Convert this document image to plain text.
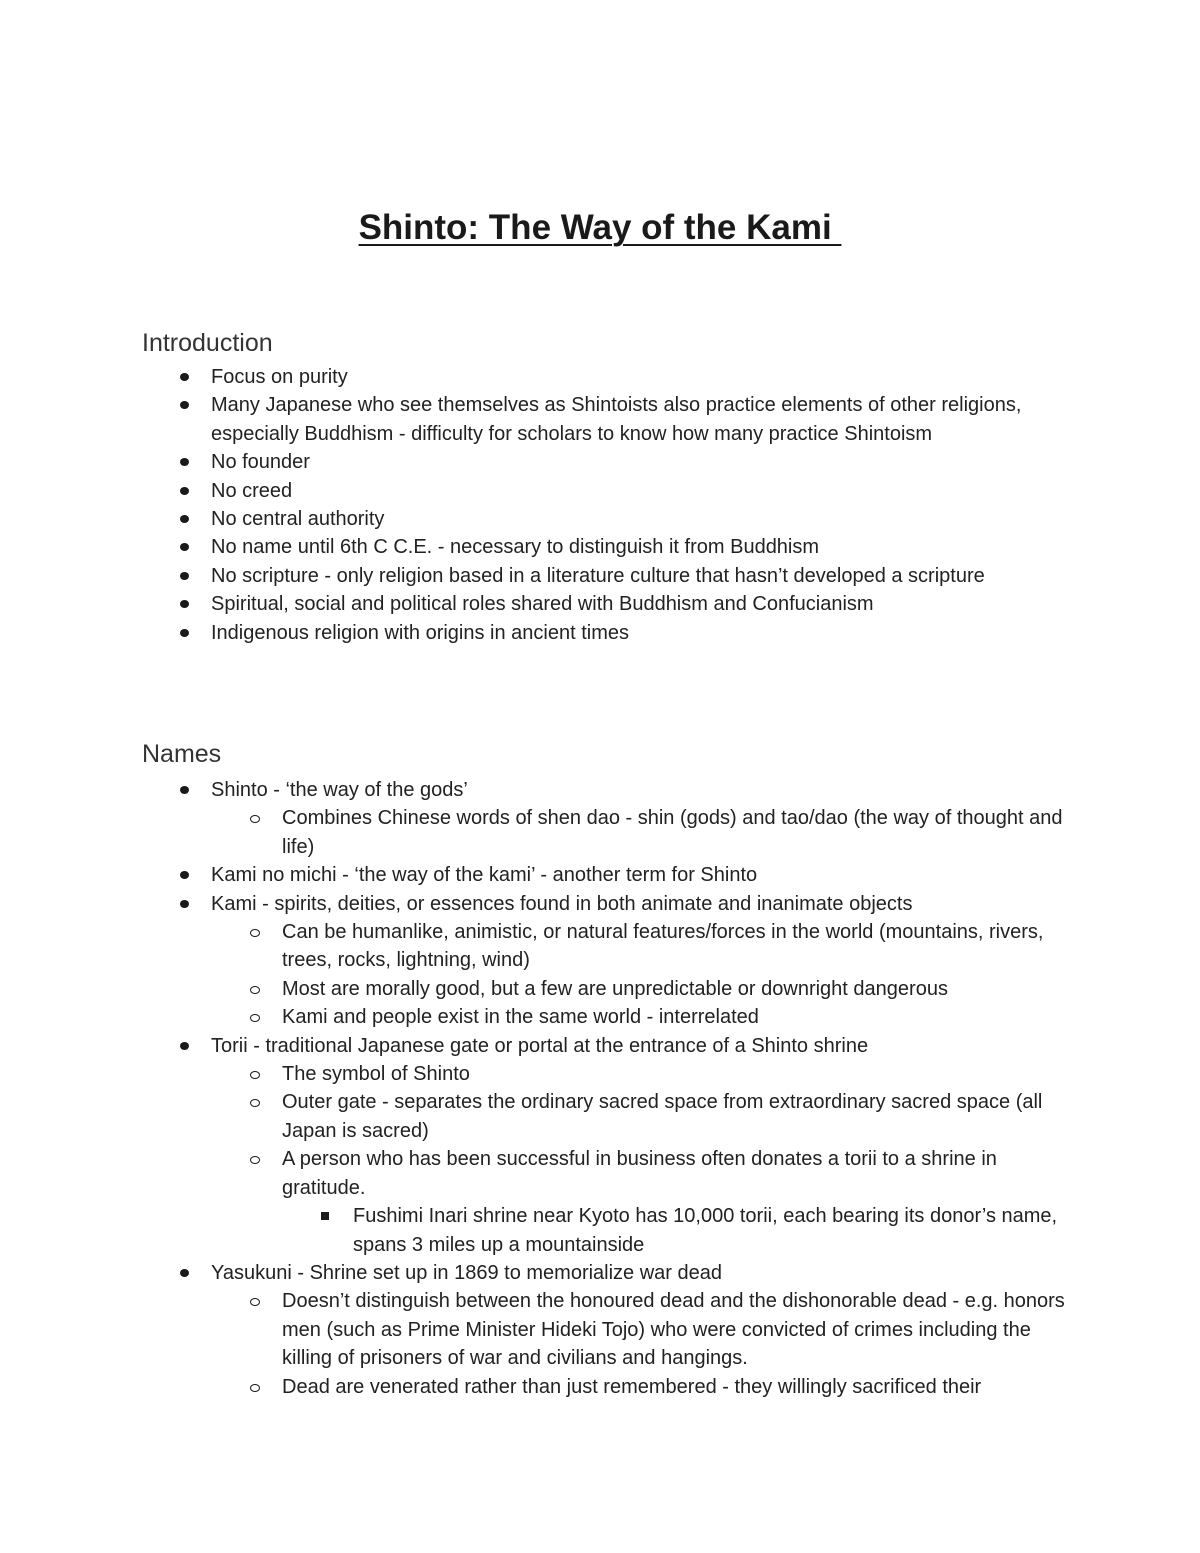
Shinto: The Way of the Kami
Introduction
Focus on purity
Many Japanese who see themselves as Shintoists also practice elements of other religions, especially Buddhism - difficulty for scholars to know how many practice Shintoism
No founder
No creed
No central authority
No name until 6th C C.E. - necessary to distinguish it from Buddhism
No scripture - only religion based in a literature culture that hasn’t developed a scripture
Spiritual, social and political roles shared with Buddhism and Confucianism
Indigenous religion with origins in ancient times
Names
Shinto - ‘the way of the gods’
Combines Chinese words of shen dao - shin (gods) and tao/dao (the way of thought and life)
Kami no michi - ‘the way of the kami’ - another term for Shinto
Kami - spirits, deities, or essences found in both animate and inanimate objects
Can be humanlike, animistic, or natural features/forces in the world (mountains, rivers, trees, rocks, lightning, wind)
Most are morally good, but a few are unpredictable or downright dangerous
Kami and people exist in the same world - interrelated
Torii - traditional Japanese gate or portal at the entrance of a Shinto shrine
The symbol of Shinto
Outer gate - separates the ordinary sacred space from extraordinary sacred space (all Japan is sacred)
A person who has been successful in business often donates a torii to a shrine in gratitude.
Fushimi Inari shrine near Kyoto has 10,000 torii, each bearing its donor’s name, spans 3 miles up a mountainside
Yasukuni - Shrine set up in 1869 to memorialize war dead
Doesn’t distinguish between the honoured dead and the dishonorable dead - e.g. honors men (such as Prime Minister Hideki Tojo) who were convicted of crimes including the killing of prisoners of war and civilians and hangings.
Dead are venerated rather than just remembered - they willingly sacrificed their
